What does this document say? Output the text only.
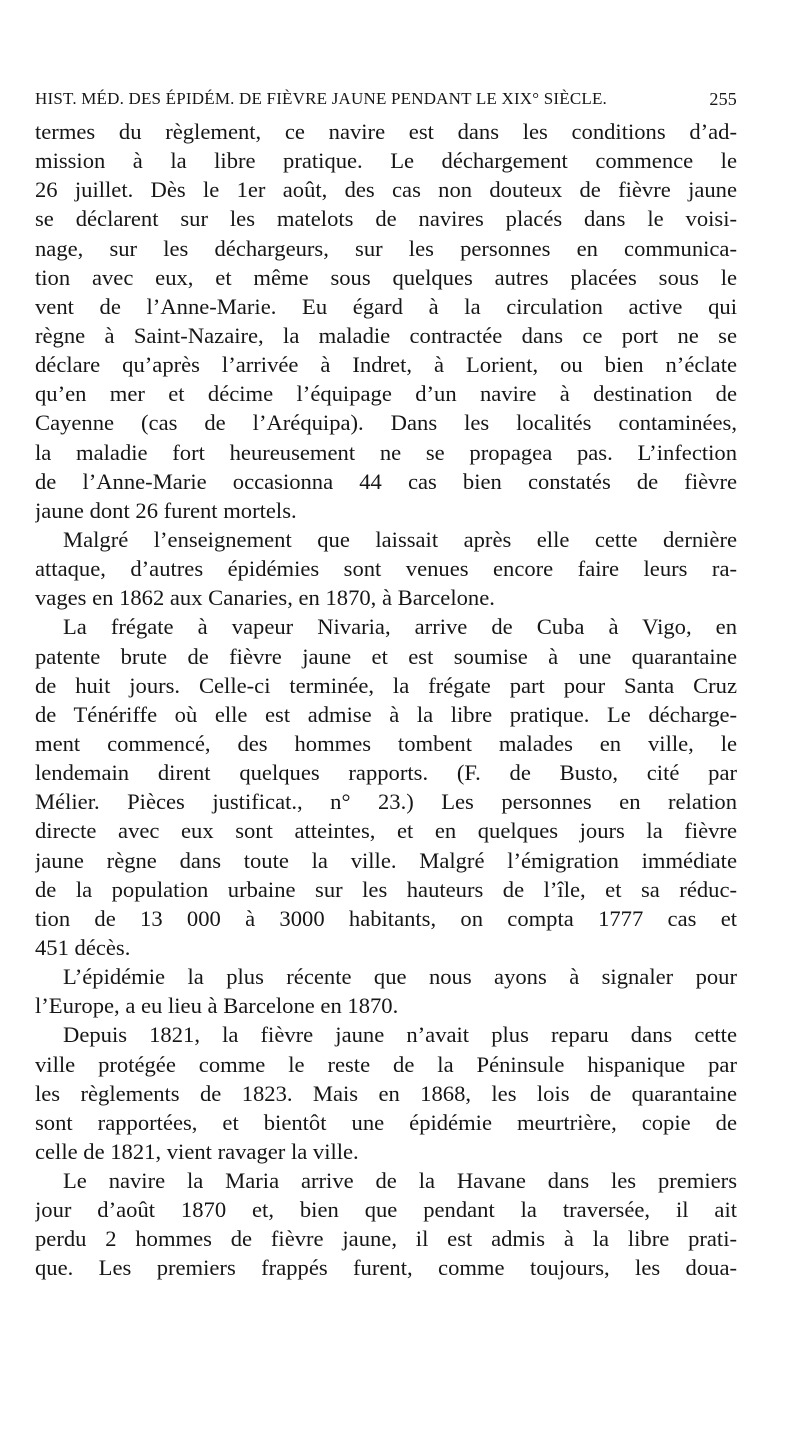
HIST. MÉD. DES ÉPIDÉM. DE FIÈVRE JAUNE PENDANT LE XIX° SIÈCLE.	255
termes du règlement, ce navire est dans les conditions d’ad-
mission à la libre pratique. Le déchargement commence le
26 juillet. Dès le 1er août, des cas non douteux de fièvre jaune
se déclarent sur les matelots de navires placés dans le voisi-
nage, sur les déchargeurs, sur les personnes en communica-
tion avec eux, et même sous quelques autres placées sous le
vent de l’Anne-Marie. Eu égard à la circulation active qui
règne à Saint-Nazaire, la maladie contractée dans ce port ne se
déclare qu’après l’arrivée à Indret, à Lorient, ou bien n’éclate
qu’en mer et décime l’équipage d’un navire à destination de
Cayenne (cas de l’Aréquipa). Dans les localités contaminées,
la maladie fort heureusement ne se propagea pas. L’infection
de l’Anne-Marie occasionna 44 cas bien constatés de fièvre
jaune dont 26 furent mortels.
Malgré l’enseignement que laissait après elle cette dernière
attaque, d’autres épidémies sont venues encore faire leurs ra-
vages en 1862 aux Canaries, en 1870, à Barcelone.
La frégate à vapeur Nivaria, arrive de Cuba à Vigo, en
patente brute de fièvre jaune et est soumise à une quarantaine
de huit jours. Celle-ci terminée, la frégate part pour Santa Cruz
de Ténériffe où elle est admise à la libre pratique. Le décharge-
ment commencé, des hommes tombent malades en ville, le
lendemain dirent quelques rapports. (F. de Busto, cité par
Mélier. Pièces justificat., n° 23.) Les personnes en relation
directe avec eux sont atteintes, et en quelques jours la fièvre
jaune règne dans toute la ville. Malgré l’émigration immédiate
de la population urbaine sur les hauteurs de l’île, et sa réduc-
tion de 13 000 à 3000 habitants, on compta 1777 cas et
451 décès.
L’épidémie la plus récente que nous ayons à signaler pour
l’Europe, a eu lieu à Barcelone en 1870.
Depuis 1821, la fièvre jaune n’avait plus reparu dans cette
ville protégée comme le reste de la Péninsule hispanique par
les règlements de 1823. Mais en 1868, les lois de quarantaine
sont rapportées, et bientôt une épidémie meurtrière, copie de
celle de 1821, vient ravager la ville.
Le navire la Maria arrive de la Havane dans les premiers
jour d’août 1870 et, bien que pendant la traversée, il ait
perdu 2 hommes de fièvre jaune, il est admis à la libre prati-
que. Les premiers frappés furent, comme toujours, les doua-
